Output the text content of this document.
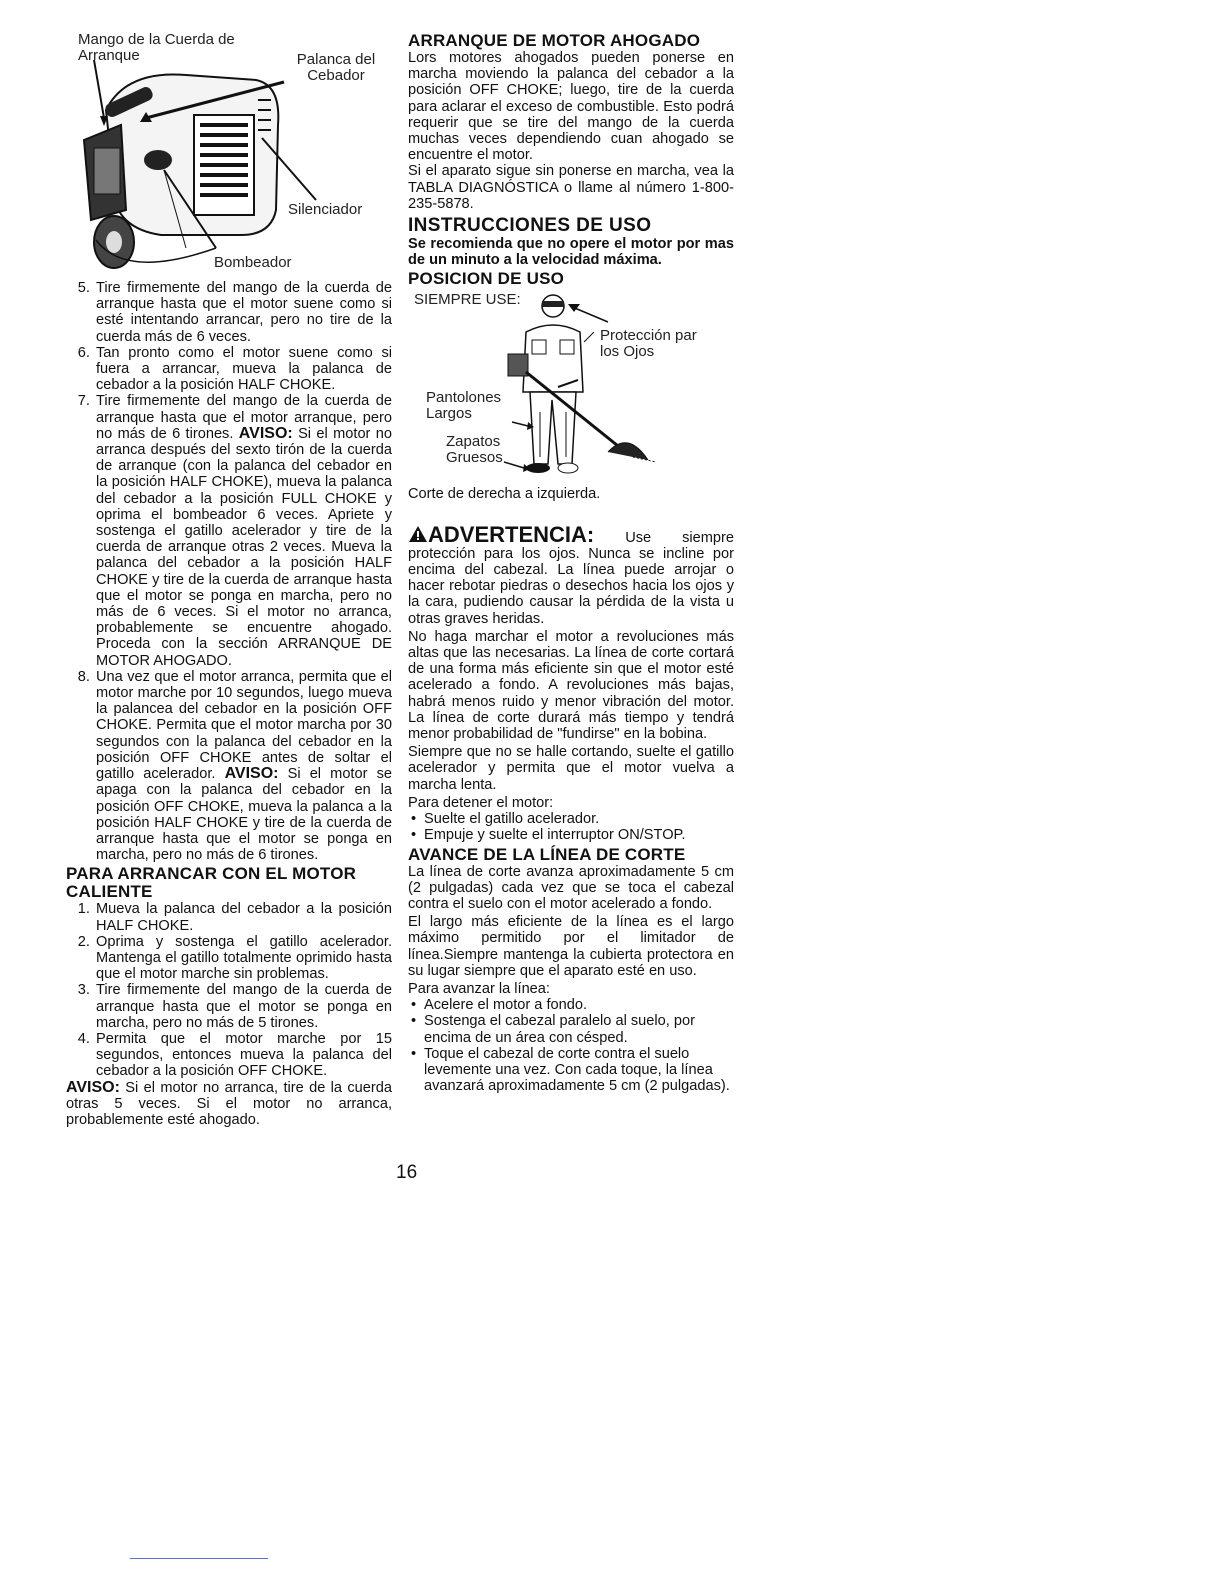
Mango de la Cuerda de Arranque	Palanca del Cebador
Silenciador
Bombeador
5. Tire firmemente del mango de la cuerda de arranque hasta que el motor suene como si esté intentando arrancar, pero no tire de la cuerda más de 6 veces.
6. Tan pronto como el motor suene como si fuera a arrancar, mueva la palanca de cebador a la posición HALF CHOKE.
7. Tire firmemente del mango de la cuerda de arranque hasta que el motor arranque, pero no más de 6 tirones. AVISO: Si el motor no arranca después del sexto tirón de la cuerda de arranque (con la palanca del cebador en la posición HALF CHOKE), mueva la palanca del cebador a la posición FULL CHOKE y oprima el bombeador 6 veces. Apriete y sostenga el gatillo acelerador y tire de la cuerda de arranque otras 2 veces. Mueva la palanca del cebador a la posición HALF CHOKE y tire de la cuerda de arranque hasta que el motor se ponga en marcha, pero no más de 6 veces. Si el motor no arranca, probablemente se encuentre ahogado. Proceda con la sección ARRANQUE DE MOTOR AHOGADO.
8. Una vez que el motor arranca, permita que el motor marche por 10 segundos, luego mueva la palancea del cebador en la posición OFF CHOKE. Permita que el motor marcha por 30 segundos con la palanca del cebador en la posición OFF CHOKE antes de soltar el gatillo acelerador. AVISO: Si el motor se apaga con la palanca del cebador en la posición OFF CHOKE, mueva la palanca a la posición HALF CHOKE y tire de la cuerda de arranque hasta que el motor se ponga en marcha, pero no más de 6 tirones.
PARA ARRANCAR CON EL MOTOR CALIENTE
1. Mueva la palanca del cebador a la posición HALF CHOKE.
2. Oprima y sostenga el gatillo acelerador. Mantenga el gatillo totalmente oprimido hasta que el motor marche sin problemas.
3. Tire firmemente del mango de la cuerda de arranque hasta que el motor se ponga en marcha, pero no más de 5 tirones.
4. Permita que el motor marche por 15 segundos, entonces mueva la palanca del cebador a la posición OFF CHOKE.

AVISO: Si el motor no arranca, tire de la cuerda otras 5 veces. Si el motor no arranca, probablemente esté ahogado.

ARRANQUE DE MOTOR AHOGADO

Lors motores ahogados pueden ponerse en marcha moviendo la palanca del cebador a la posición OFF CHOKE; luego, tire de la cuerda para aclarar el exceso de combustible. Esto podrá requerir que se tire del mango de la cuerda muchas veces dependiendo cuan ahogado se encuentre el motor.

Si el aparato sigue sin ponerse en marcha, vea la TABLA DIAGNÓSTICA o llame al número 1-800-235-5878.

INSTRUCCIONES DE USO

Se recomienda que no opere el motor por mas de un minuto a la velocidad máxima.

POSICION DE USO
SIEMPRE USE:
Protección par los Ojos
Pantolones Largos
Zapatos Gruesos

Corte de derecha a izquierda.

ADVERTENCIA: Use siempre protección para los ojos. Nunca se incline por encima del cabezal. La línea puede arrojar o hacer rebotar piedras o desechos hacia los ojos y la cara, pudiendo causar la pérdida de la vista u otras graves heridas.

No haga marchar el motor a revoluciones más altas que las necesarias. La línea de corte cortará de una forma más eficiente sin que el motor esté acelerado a fondo. A revoluciones más bajas, habrá menos ruido y menor vibración del motor. La línea de corte durará más tiempo y tendrá menor probabilidad de "fundirse" en la bobina.

Siempre que no se halle cortando, suelte el gatillo acelerador y permita que el motor vuelva a marcha lenta.

Para detener el motor:

• Suelte el gatillo acelerador.
• Empuje y suelte el interruptor ON/STOP.
AVANCE DE LA LÍNEA DE CORTE

La línea de corte avanza aproximadamente 5 cm (2 pulgadas) cada vez que se toca el cabezal contra el suelo con el motor acelerado a fondo.

El largo más eficiente de la línea es el largo máximo permitido por el limitador de línea.Siempre mantenga la cubierta protectora en su lugar siempre que el aparato esté en uso.

Para avanzar la línea:

• Acelere el motor a fondo.
• Sostenga el cabezal paralelo al suelo, por encima de un área con césped.
• Toque el cabezal de corte contra el suelo levemente una vez. Con cada toque, la línea avanzará aproximadamente 5 cm (2 pulgadas).
16
